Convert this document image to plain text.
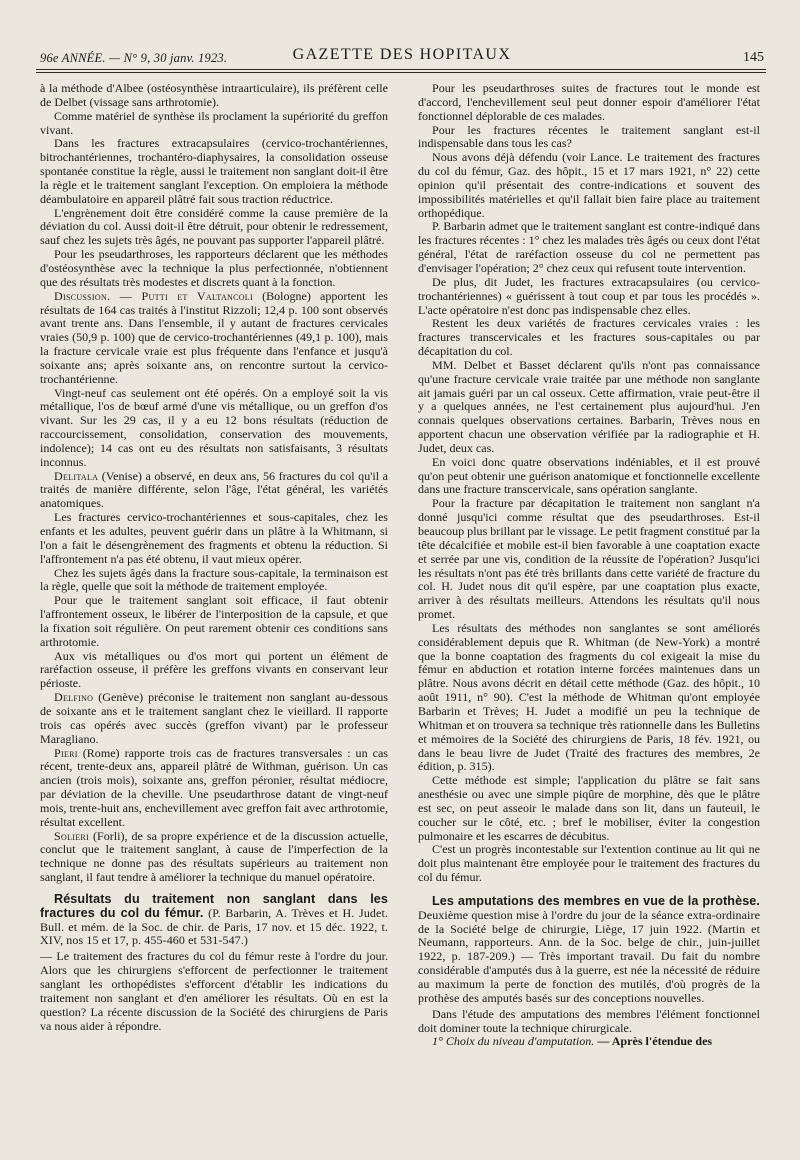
96e ANNÉE. — N° 9, 30 janv. 1923.	GAZETTE DES HOPITAUX	145

à la méthode d'Albee (ostéosynthèse intraarticulaire), ils préfèrent celle de Delbet (vissage sans arthrotomie).

Comme matériel de synthèse ils proclament la supériorité du greffon vivant.

Dans les fractures extracapsulaires (cervico-trochantériennes, bitrochantériennes, trochantéro-diaphysaires, la consolidation osseuse spontanée constitue la règle, aussi le traitement non sanglant doit-il être la règle et le traitement sanglant l'exception. On emploiera la méthode déambulatoire en appareil plâtré fait sous traction réductrice.

L'engrènement doit être considéré comme la cause première de la déviation du col. Aussi doit-il être détruit, pour obtenir le redressement, sauf chez les sujets très âgés, ne pouvant pas supporter l'appareil plâtré.

Pour les pseudarthroses, les rapporteurs déclarent que les méthodes d'ostéosynthèse avec la technique la plus perfectionnée, n'obtiennent que des résultats très modestes et discrets quant à la fonction.

Discussion. — Putti et Valtancoli (Bologne) apportent les résultats de 164 cas traités à l'institut Rizzoli; 12,4 p. 100 sont observés avant trente ans. Dans l'ensemble, il y autant de fractures cervicales vraies (50,9 p. 100) que de cervico-trochantériennes (49,1 p. 100), mais la fracture cervicale vraie est plus fréquente dans l'enfance et jusqu'à soixante ans; après soixante ans, on rencontre surtout la cervico-trochantérienne.

Vingt-neuf cas seulement ont été opérés. On a employé soit la vis métallique, l'os de bœuf armé d'une vis métallique, ou un greffon d'os vivant. Sur les 29 cas, il y a eu 12 bons résultats (réduction de raccourcissement, consolidation, conservation des mouvements, indolence); 14 cas ont eu des résultats non satisfaisants, 3 résultats inconnus.

Delitala (Venise) a observé, en deux ans, 56 fractures du col qu'il a traités de manière différente, selon l'âge, l'état général, les variétés anatomiques.

Les fractures cervico-trochantériennes et sous-capitales, chez les enfants et les adultes, peuvent guérir dans un plâtre à la Whitmann, si l'on a fait le désengrènement des fragments et obtenu la réduction. Si l'affrontement n'a pas été obtenu, il vaut mieux opérer.

Chez les sujets âgés dans la fracture sous-capitale, la terminaison est la règle, quelle que soit la méthode de traitement employée.

Pour que le traitement sanglant soit efficace, il faut obtenir l'affrontement osseux, le libérer de l'interposition de la capsule, et que la fixation soit régulière. On peut rarement obtenir ces conditions sans arthrotomie.

Aux vis métalliques ou d'os mort qui portent un élément de raréfaction osseuse, il préfère les greffons vivants en conservant leur périoste.

Delfino (Genève) préconise le traitement non sanglant au-dessous de soixante ans et le traitement sanglant chez le vieillard. Il rapporte trois cas opérés avec succès (greffon vivant) par le professeur Maragliano.

Pieri (Rome) rapporte trois cas de fractures transversales : un cas récent, trente-deux ans, appareil plâtré de Withman, guérison. Un cas ancien (trois mois), soixante ans, greffon péronier, résultat médiocre, par déviation de la cheville. Une pseudarthrose datant de vingt-neuf mois, trente-huit ans, enchevillement avec greffon fait avec arthrotomie, résultat excellent.

Solieri (Forli), de sa propre expérience et de la discussion actuelle, conclut que le traitement sanglant, à cause de l'imperfection de la technique ne donne pas des résultats supérieurs au traitement non sanglant, il faut tendre à améliorer la technique du manuel opératoire.

Résultats du traitement non sanglant dans les fractures du col du fémur. (P. Barbarin, A. Trèves et H. Judet. Bull. et mém. de la Soc. de chir. de Paris, 17 nov. et 15 déc. 1922, t. XIV, nos 15 et 17, p. 455-460 et 531-547.)

— Le traitement des fractures du col du fémur reste à l'ordre du jour. Alors que les chirurgiens s'efforcent de perfectionner le traitement sanglant les orthopédistes s'efforcent d'établir les indications du traitement non sanglant et d'en améliorer les résultats. Où en est la question? La récente discussion de la Société des chirurgiens de Paris va nous aider à répondre.

Pour les pseudarthroses suites de fractures tout le monde est d'accord, l'enchevillement seul peut donner espoir d'améliorer l'état fonctionnel déplorable de ces malades.

Pour les fractures récentes le traitement sanglant est-il indispensable dans tous les cas?

Nous avons déjà défendu (voir Lance. Le traitement des fractures du col du fémur, Gaz. des hôpit., 15 et 17 mars 1921, n° 22) cette opinion qu'il présentait des contre-indications et souvent des impossibilités matérielles et qu'il fallait bien faire place au traitement orthopédique.

P. Barbarin admet que le traitement sanglant est contre-indiqué dans les fractures récentes : 1° chez les malades très âgés ou ceux dont l'état général, l'état de raréfaction osseuse du col ne permettent pas d'envisager l'opération; 2° chez ceux qui refusent toute intervention.

De plus, dit Judet, les fractures extracapsulaires (ou cervico-trochantériennes) « guérissent à tout coup et par tous les procédés ». L'acte opératoire n'est donc pas indispensable chez elles.

Restent les deux variétés de fractures cervicales vraies : les fractures transcervicales et les fractures sous-capitales ou par décapitation du col.

MM. Delbet et Basset déclarent qu'ils n'ont pas connaissance qu'une fracture cervicale vraie traitée par une méthode non sanglante ait jamais guéri par un cal osseux. Cette affirmation, vraie peut-être il y a quelques années, ne l'est certainement plus aujourd'hui. J'en connais quelques observations certaines. Barbarin, Trèves nous en apportent chacun une observation vérifiée par la radiographie et H. Judet, deux cas.

En voici donc quatre observations indéniables, et il est prouvé qu'on peut obtenir une guérison anatomique et fonctionnelle excellente dans une fracture transcervicale, sans opération sanglante.

Pour la fracture par décapitation le traitement non sanglant n'a donné jusqu'ici comme résultat que des pseudarthroses. Est-il beaucoup plus brillant par le vissage. Le petit fragment constitué par la tête décalcifiée et mobile est-il bien favorable à une coaptation exacte et serrée par une vis, condition de la réussite de l'opération? Jusqu'ici les résultats n'ont pas été très brillants dans cette variété de fracture du col. H. Judet nous dit qu'il espère, par une coaptation plus exacte, arriver à des résultats meilleurs. Attendons les résultats qu'il nous promet.

Les résultats des méthodes non sanglantes se sont améliorés considérablement depuis que R. Whitman (de New-York) a montré que la bonne coaptation des fragments du col exigeait la mise du fémur en abduction et rotation interne forcées maintenues dans un plâtre. Nous avons décrit en détail cette méthode (Gaz. des hôpit., 10 août 1911, n° 90). C'est la méthode de Whitman qu'ont employée Barbarin et Trèves; H. Judet a modifié un peu la technique de Whitman et on trouvera sa technique très rationnelle dans les Bulletins et mémoires de la Société des chirurgiens de Paris, 18 fév. 1921, ou dans le beau livre de Judet (Traité des fractures des membres, 2e édition, p. 315).

Cette méthode est simple; l'application du plâtre se fait sans anesthésie ou avec une simple piqûre de morphine, dès que le plâtre est sec, on peut asseoir le malade dans son lit, dans un fauteuil, le coucher sur le côté, etc. ; bref le mobiliser, éviter la congestion pulmonaire et les escarres de décubitus.

C'est un progrès incontestable sur l'extention continue au lit qui ne doit plus maintenant être employée pour le traitement des fractures du col du fémur.

Les amputations des membres en vue de la prothèse. Deuxième question mise à l'ordre du jour de la séance extra-ordinaire de la Société belge de chirurgie, Liège, 17 juin 1922. (Martin et Neumann, rapporteurs. Ann. de la Soc. belge de chir., juin-juillet 1922, p. 187-209.) — Très important travail. Du fait du nombre considérable d'amputés dus à la guerre, est née la nécessité de réduire au maximum la perte de fonction des mutilés, d'où progrès de la prothèse des amputés basés sur des conceptions nouvelles.

Dans l'étude des amputations des membres l'élément fonctionnel doit dominer toute la technique chirurgicale.

1° Choix du niveau d'amputation. — Après l'étendue des
